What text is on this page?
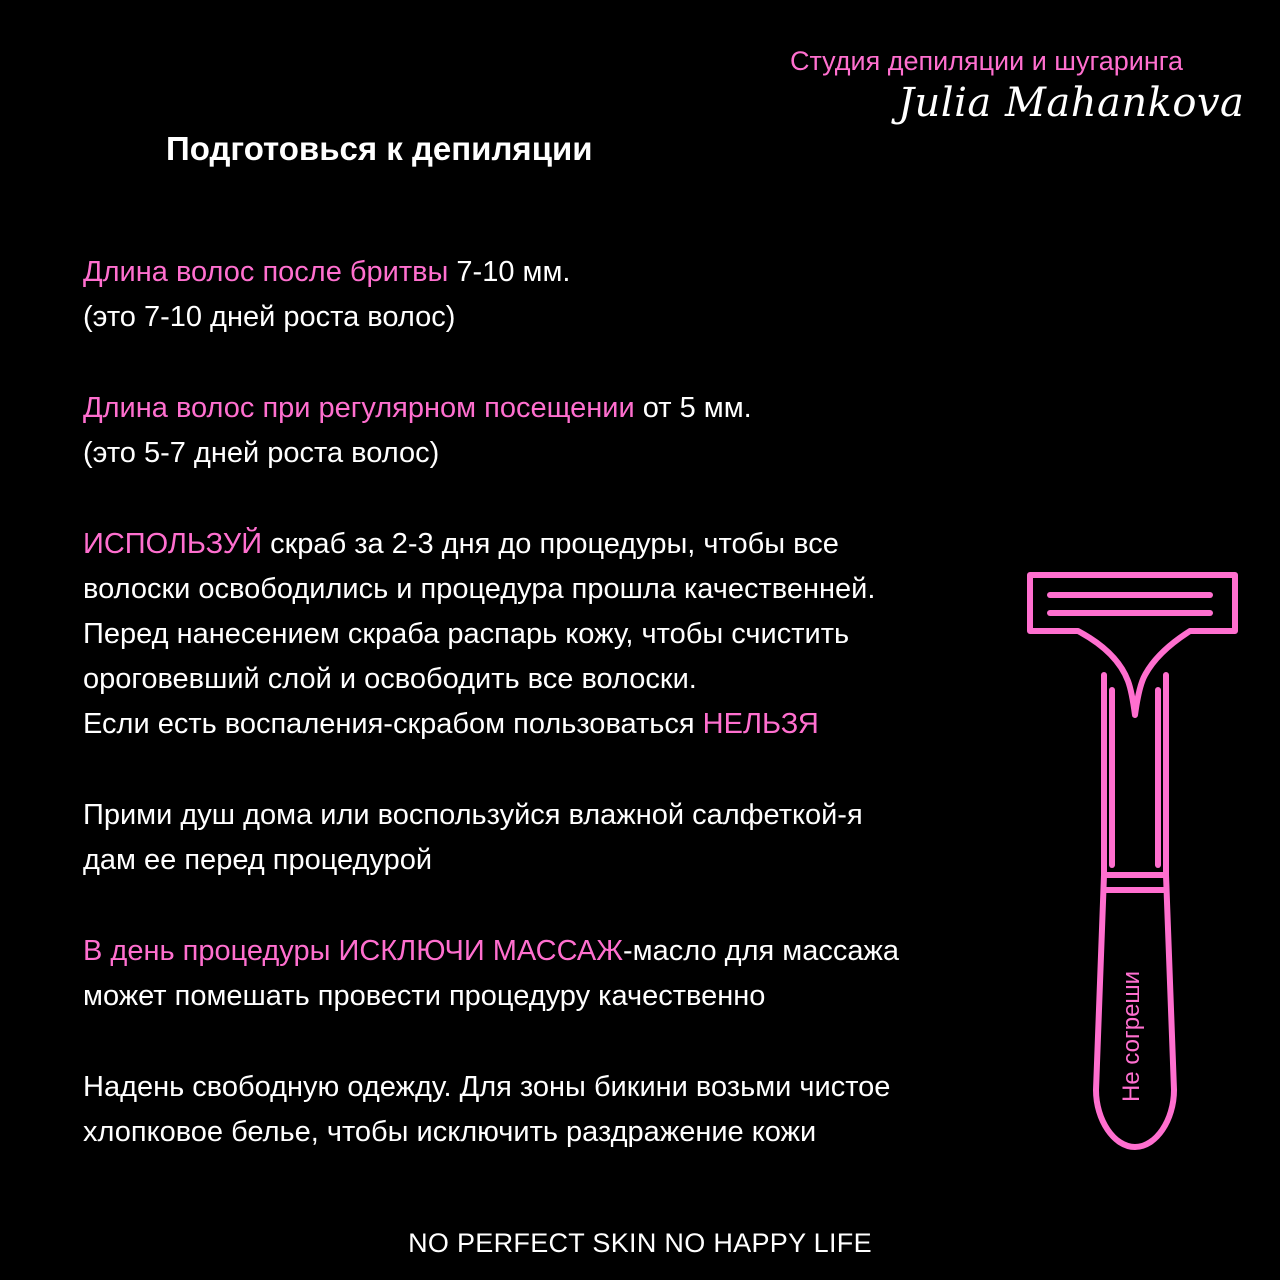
Студия депиляции и шугаринга
Julia Mahankova
Подготовься к депиляции
Длина волос после бритвы 7-10 мм.
(это 7-10 дней роста волос)
Длина волос при регулярном посещении от 5 мм.
(это 5-7 дней роста волос)
ИСПОЛЬЗУЙ скраб за 2-3 дня до процедуры, чтобы все
волоски освободились и процедура прошла качественней.
Перед нанесением скраба распарь кожу, чтобы счистить
ороговевший слой и освободить все волоски.
Если есть воспаления-скрабом пользоваться НЕЛЬЗЯ
Прими душ дома или воспользуйся влажной салфеткой-я
дам ее перед процедурой
В день процедуры ИСКЛЮЧИ МАССАЖ-масло для массажа
может помешать провести процедуру качественно
Надень свободную одежду. Для зоны бикини возьми чистое
хлопковое белье, чтобы исключить раздражение кожи
Не согреши
NO PERFECT SKIN NO HAPPY LIFE
